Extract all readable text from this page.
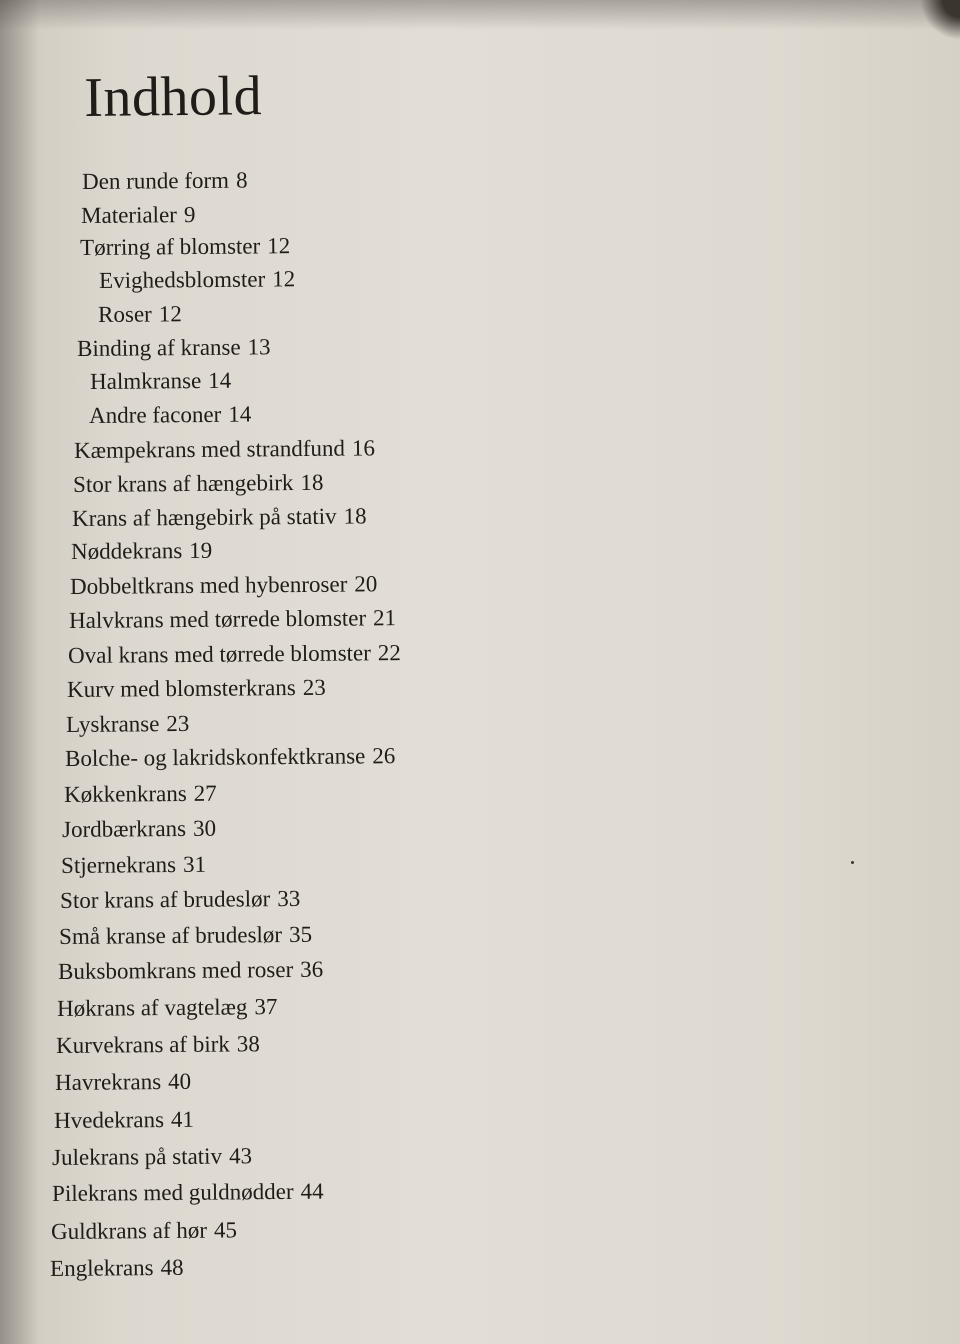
Indhold
Den runde form 8
Materialer 9
Tørring af blomster 12
Evighedsblomster 12
Roser 12
Binding af kranse 13
Halmkranse 14
Andre faconer 14
Kæmpekrans med strandfund 16
Stor krans af hængebirk 18
Krans af hængebirk på stativ 18
Nøddekrans 19
Dobbeltkrans med hybenroser 20
Halvkrans med tørrede blomster 21
Oval krans med tørrede blomster 22
Kurv med blomsterkrans 23
Lyskranse 23
Bolche- og lakridskonfektkranse 26
Køkkenkrans 27
Jordbærkrans 30
Stjernekrans 31
Stor krans af brudeslør 33
Små kranse af brudeslør 35
Buksbomkrans med roser 36
Høkrans af vagtelæg 37
Kurvekrans af birk 38
Havrekrans 40
Hvedekrans 41
Julekrans på stativ 43
Pilekrans med guldnødder 44
Guldkrans af hør 45
Englekrans 48
